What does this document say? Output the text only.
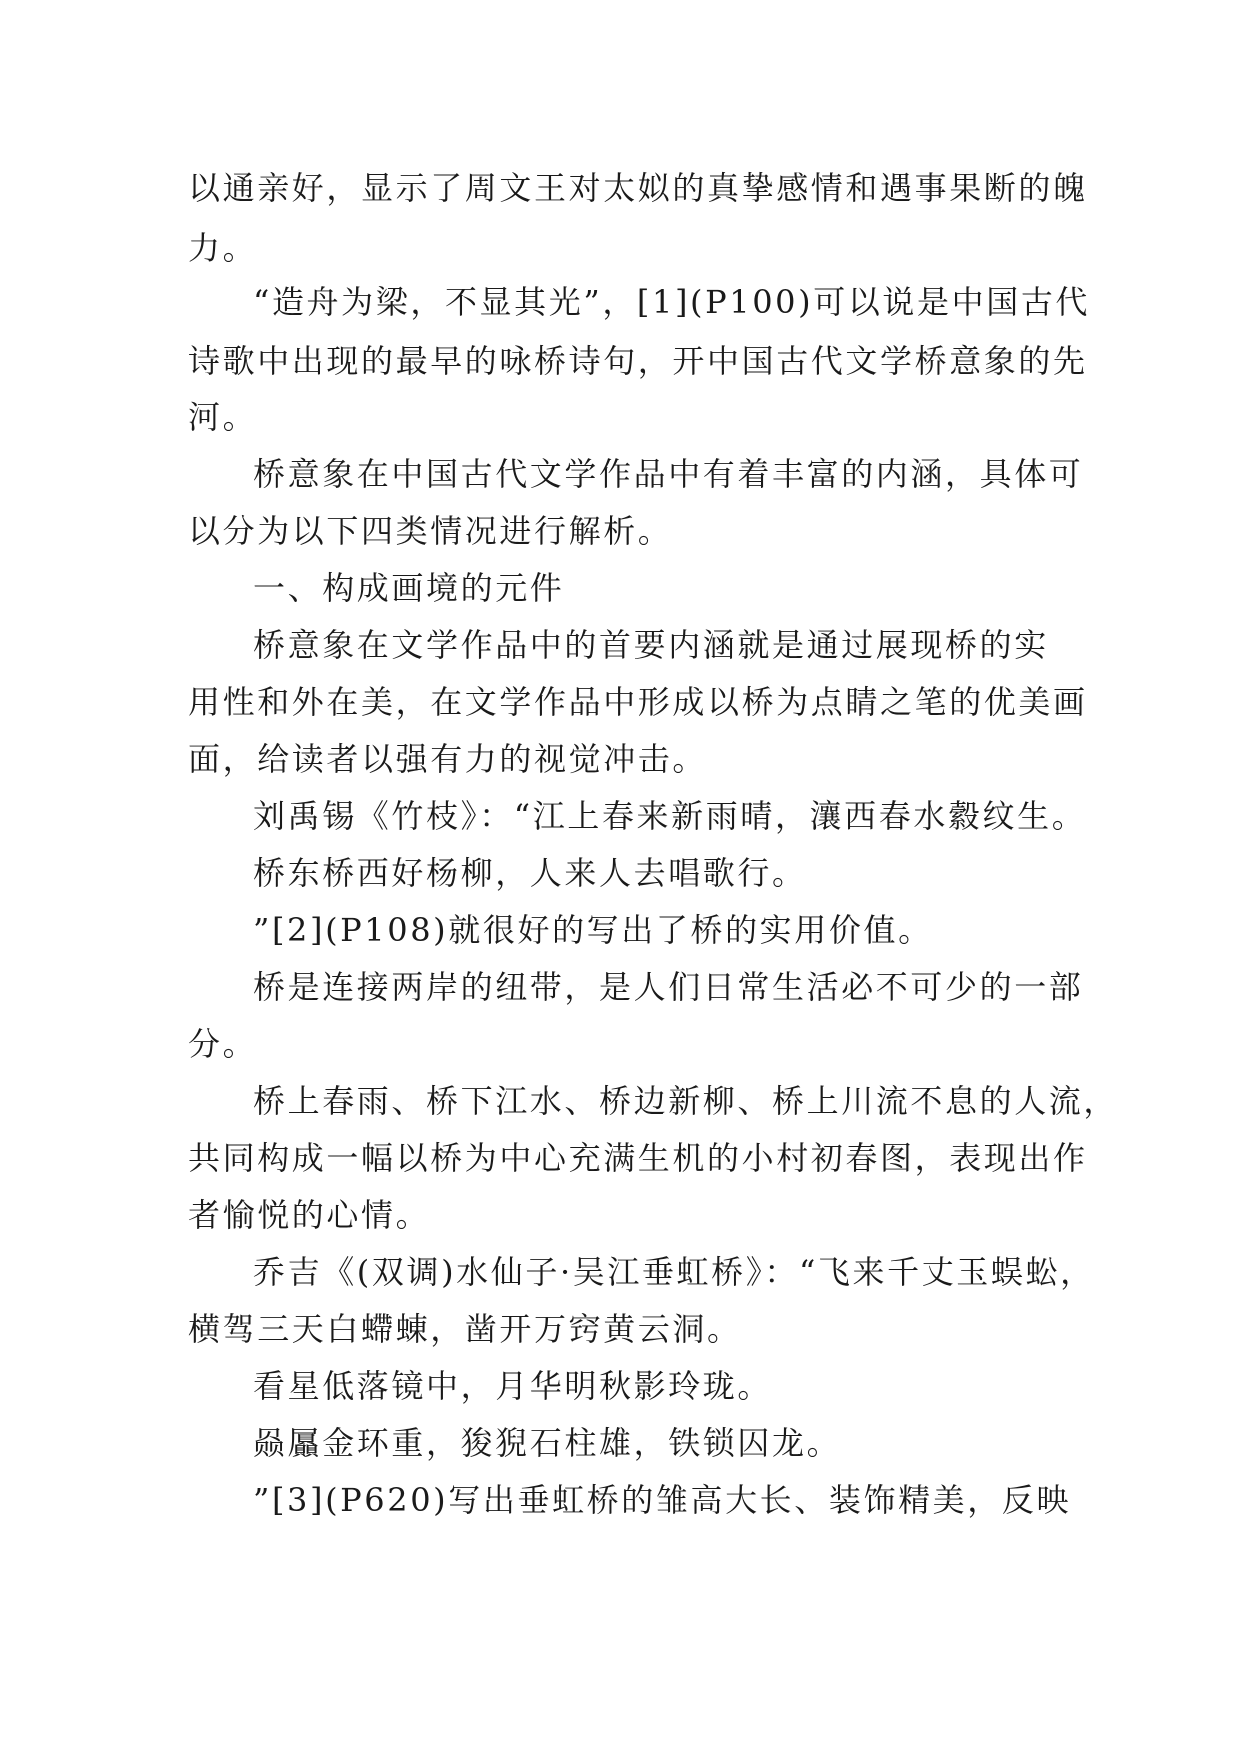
以通亲好，显示了周文王对太姒的真挚感情和遇事果断的魄
力。
“造舟为梁，不显其光”，[1](P100)可以说是中国古代
诗歌中出现的最早的咏桥诗句，开中国古代文学桥意象的先
河。
桥意象在中国古代文学作品中有着丰富的内涵，具体可
以分为以下四类情况进行解析。
一、构成画境的元件
桥意象在文学作品中的首要内涵就是通过展现桥的实
用性和外在美，在文学作品中形成以桥为点睛之笔的优美画
面，给读者以强有力的视觉冲击。
刘禹锡《竹枝》：“江上春来新雨晴，瀼西春水縠纹生。
桥东桥西好杨柳，人来人去唱歌行。
”[2](P108)就很好的写出了桥的实用价值。
桥是连接两岸的纽带，是人们日常生活必不可少的一部
分。
桥上春雨、桥下江水、桥边新柳、桥上川流不息的人流，
共同构成一幅以桥为中心充满生机的小村初春图，表现出作
者愉悦的心情。
乔吉《(双调)水仙子·吴江垂虹桥》：“飞来千丈玉蜈蚣，
横驾三天白螮蝀，凿开万窍黄云洞。
看星低落镜中，月华明秋影玲珑。
赑屭金环重，狻猊石柱雄，铁锁囚龙。
”[3](P620)写出垂虹桥的雏高大长、装饰精美，反映
